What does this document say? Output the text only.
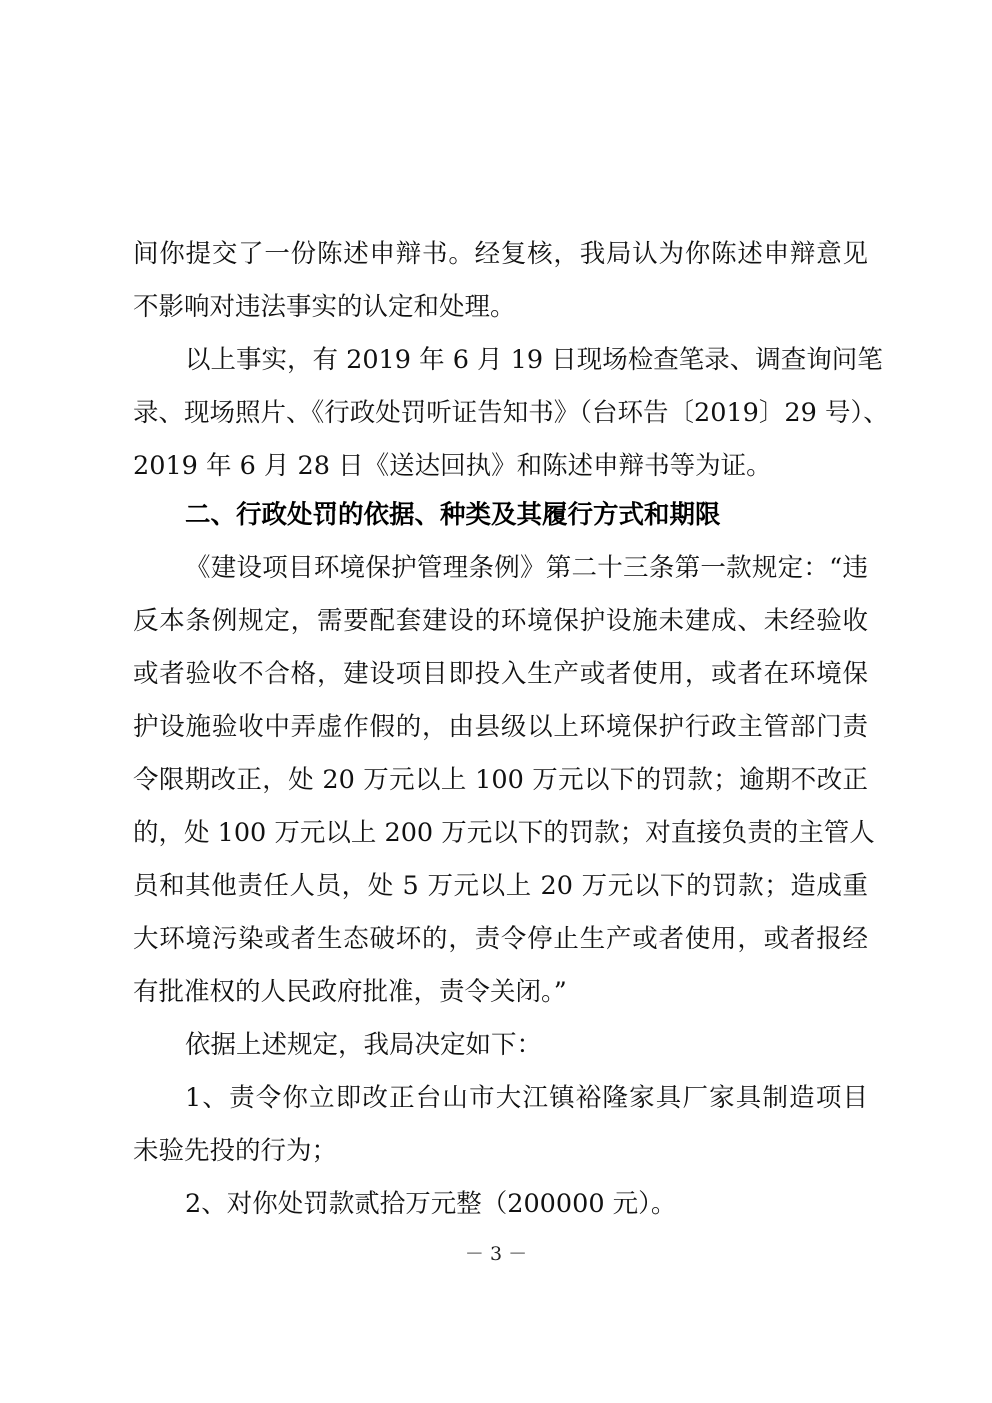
间你提交了一份陈述申辩书。经复核，我局认为你陈述申辩意见
不影响对违法事实的认定和处理。
以上事实，有 2019 年 6 月 19 日现场检查笔录、调查询问笔
录、现场照片、《行政处罚听证告知书》（台环告〔2019〕29 号）、
2019 年 6 月 28 日《送达回执》和陈述申辩书等为证。
二、行政处罚的依据、种类及其履行方式和期限
《建设项目环境保护管理条例》第二十三条第一款规定：“违
反本条例规定，需要配套建设的环境保护设施未建成、未经验收
或者验收不合格，建设项目即投入生产或者使用，或者在环境保
护设施验收中弄虚作假的，由县级以上环境保护行政主管部门责
令限期改正，处 20 万元以上 100 万元以下的罚款；逾期不改正
的，处 100 万元以上 200 万元以下的罚款；对直接负责的主管人
员和其他责任人员，处 5 万元以上 20 万元以下的罚款；造成重
大环境污染或者生态破坏的，责令停止生产或者使用，或者报经
有批准权的人民政府批准，责令关闭。”
依据上述规定，我局决定如下：
1、责令你立即改正台山市大江镇裕隆家具厂家具制造项目
未验先投的行为；
2、对你处罚款贰拾万元整（200000 元）。
－ 3 －
